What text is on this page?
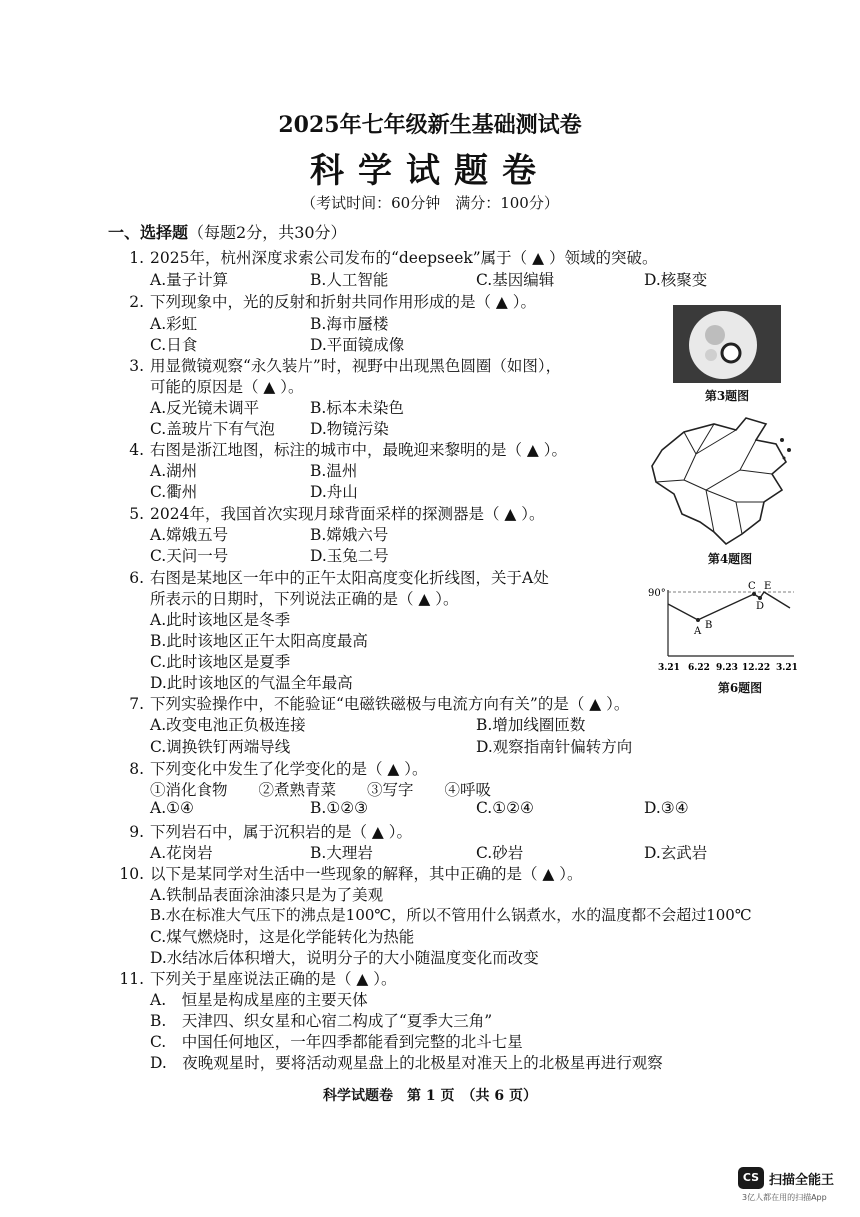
2025年七年级新生基础测试卷
科学试题卷
（考试时间：60分钟　满分：100分）
一、选择题（每题2分，共30分）
1. 2025年，杭州深度求索公司发布的“deepseek”属于（ ▲ ）领域的突破。
A.量子计算	B.人工智能	C.基因编辑	D.核聚变
2. 下列现象中，光的反射和折射共同作用形成的是（ ▲ ）。
A.彩虹	B.海市蜃楼
C.日食	D.平面镜成像
3. 用显微镜观察“永久装片”时，视野中出现黑色圆圈（如图），
可能的原因是（ ▲ ）。
A.反光镜未调平	B.标本未染色
C.盖玻片下有气泡 D.物镜污染
4. 右图是浙江地图，标注的城市中，最晚迎来黎明的是（ ▲ ）。
A.湖州	B.温州
C.衢州	D.舟山
5. 2024年，我国首次实现月球背面采样的探测器是（ ▲ ）。
A.嫦娥五号	B.嫦娥六号
C.天问一号	D.玉兔二号
6. 右图是某地区一年中的正午太阳高度变化折线图，关于A处
所表示的日期时，下列说法正确的是（ ▲ ）。
A.此时该地区是冬季
B.此时该地区正午太阳高度最高
C.此时该地区是夏季
D.此时该地区的气温全年最高
7. 下列实验操作中，不能验证“电磁铁磁极与电流方向有关”的是（ ▲ ）。
A.改变电池正负极连接	B.增加线圈匝数
C.调换铁钉两端导线	D.观察指南针偏转方向
8. 下列变化中发生了化学变化的是（ ▲ ）。
①消化食物　　②煮熟青菜　　③写字　　④呼吸
A.①④	B.①②③	C.①②④	D.③④
9. 下列岩石中，属于沉积岩的是（ ▲ ）。
A.花岗岩	B.大理岩	C.砂岩	D.玄武岩
10. 以下是某同学对生活中一些现象的解释，其中正确的是（ ▲ ）。
A.铁制品表面涂油漆只是为了美观
B.水在标准大气压下的沸点是100℃，所以不管用什么锅煮水，水的温度都不会超过100℃
C.煤气燃烧时，这是化学能转化为热能
D.水结冰后体积增大，说明分子的大小随温度变化而改变
11. 下列关于星座说法正确的是（ ▲ ）。
A.　恒星是构成星座的主要天体
B.　天津四、织女星和心宿二构成了“夏季大三角”
C.　中国任何地区，一年四季都能看到完整的北斗七星
D.　夜晚观星时，要将活动观星盘上的北极星对准天上的北极星再进行观察
第3题图
第4题图
90°
A
B
C
D
E
3.21 6.22 9.23 12.22 3.21
第6题图
科学试题卷　第 1 页　（共 6 页）
CS 扫描全能王
3亿人都在用的扫描App
